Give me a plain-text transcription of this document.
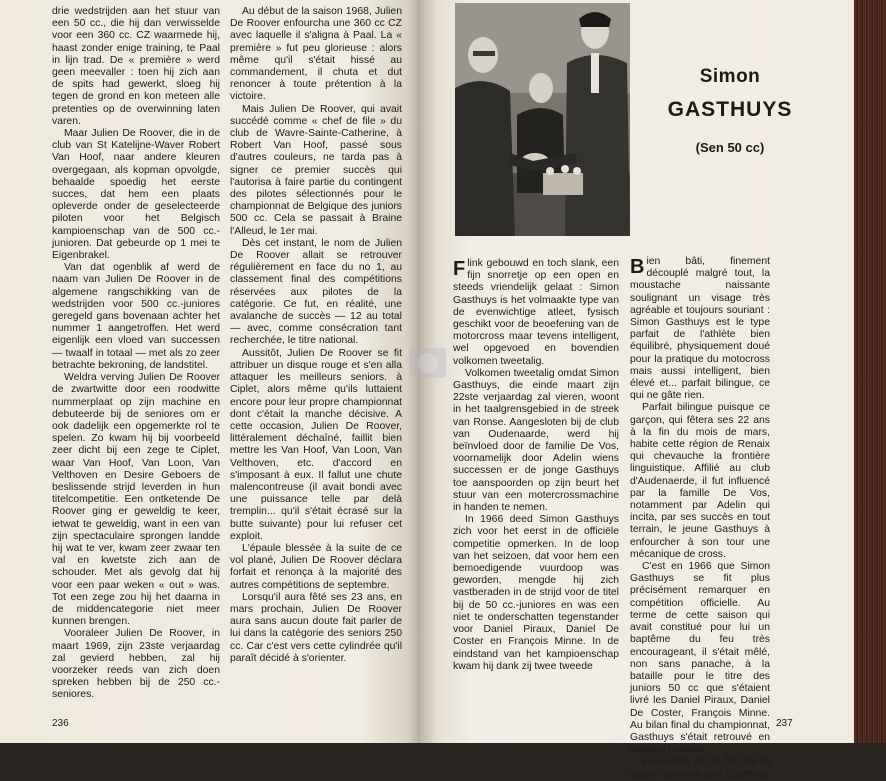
drie wedstrijden aan het stuur van een 50 cc., die hij dan verwisselde voor een 360 cc. CZ waarmede hij, haast zonder enige training, te Paal in lijn trad. De « première » werd geen meevaller : toen hij zich aan de spits had gewerkt, sloeg hij tegen de grond en kon meteen alle pretenties op de overwinning laten varen.

Maar Julien De Roover, die in de club van St Katelijne-Waver Robert Van Hoof, naar andere kleuren overgegaan, als kopman opvolgde, behaalde spoedig het eerste succes, dat hem een plaats opleverde onder de geselecteerde piloten voor het Belgisch kampioenschap van de 500 cc.-junioren. Dat gebeurde op 1 mei te Eigenbrakel.

Van dat ogenblik af werd de naam van Julien De Roover in de algemene rangschikking van de wedstrijden voor 500 cc.-juniores geregeld gans bovenaan achter het nummer 1 aangetroffen. Het werd eigenlijk een vloed van successen — twaalf in totaal — met als zo zeer betrachte bekroning, de landstitel.

Weldra verving Julien De Roover de zwartwitte door een roodwitte nummerplaat op zijn machine en debuteerde bij de seniores om er ook dadelijk een opgemerkte rol te spelen. Zo kwam hij bij voorbeeld zeer dicht bij een zege te Ciplet, waar Van Hoof, Van Loon, Van Velthoven en Desire Geboers de beslissende strijd leverden in hun titelcompetitie. Een ontketende De Roover ging er geweldig te keer, ietwat te geweldig, want in een van zijn spectaculaire sprongen landde hij wat te ver, kwam zeer zwaar ten val en kwetste zich aan de schouder. Met als gevolg dat hij voor een paar weken « out » was. Tot een zege zou hij het daarna in de middencategorie niet meer kunnen brengen.

Vooraleer Julien De Roover, in maart 1969, zijn 23ste verjaardag zal gevierd hebben, zal hij voorzeker reeds van zich doen spreken hebben bij de 250 cc.-seniores.

Au début de la saison 1968, Julien De Roover enfourcha une 360 cc CZ avec laquelle il s'aligna à Paal. La « première » fut peu glorieuse : alors même qu'il s'était hissé au commandement, il chuta et dut renoncer à toute prétention à la victoire.

Mais Julien De Roover, qui avait succédé comme « chef de file » du club de Wavre-Sainte-Catherine, à Robert Van Hoof, passé sous d'autres couleurs, ne tarda pas à signer ce premier succès qui l'autorisa à faire partie du contingent des pilotes sélectionnés pour le championnat de Belgique des juniors 500 cc. Cela se passait à Braine l'Alleud, le 1er mai.

Dès cet instant, le nom de Julien De Roover allait se retrouver régulièrement en face du no 1, au classement final des compétitions réservées aux pilotes de la catégorie. Ce fut, en réalité, une avalanche de succès — 12 au total — avec, comme consécration tant recherchée, le titre national.

Aussitôt, Julien De Roover se fit attribuer un disque rouge et s'en alla attaquer les meilleurs seniors. à Ciplet, alors même qu'ils luttaient encore pour leur propre championnat dont c'était la manche décisive. A cette occasion, Julien De Roover, littéralement déchaîné, faillit bien mettre les Van Hoof, Van Loon, Van Velthoven, etc. d'accord en s'imposant à eux. Il fallut une chute malencontreuse (il avait bondi avec une puissance telle par delà tremplin... qu'il s'était écrasé sur la butte suivante) pour lui refuser cet exploit.

L'épaule blessée à la suite de ce vol plané, Julien De Roover déclara forfait et renonça à la majorité des autres compétitions de septembre.

Lorsqu'il aura fêté ses 23 ans, en mars prochain, Julien De Roover aura sans aucun doute fait parler de lui dans la catégorie des seniors 250 cc. Car c'est vers cette cylindrée qu'il paraît décidé à s'orienter.

236
Simon
GASTHUYS
(Sen 50 cc)

Flink gebouwd en toch slank, een fijn snorretje op een open en steeds vriendelijk gelaat : Simon Gasthuys is het volmaakte type van de evenwichtige atleet, fysisch geschikt voor de beoefening van de motorcross maar tevens intelligent, wel opgevoed en bovendien volkomen tweetalig.

Volkomen tweetalig omdat Simon Gasthuys, die einde maart zijn 22ste verjaardag zal vieren, woont in het taalgrensgebied in de streek van Ronse. Aangesloten bij de club van Oudenaarde, werd hij beïnvloed door de familie De Vos, voornamelijk door Adelin wiens successen er de jonge Gasthuys toe aanspoorden op zijn beurt het stuur van een motercrossmachine in handen te nemen.

In 1966 deed Simon Gasthuys zich voor het eerst in de officiële competitie opmerken. In de loop van het seizoen, dat voor hem een bemoedigende vuurdoop was geworden, mengde hij zich vastberaden in de strijd voor de titel bij de 50 cc.-juniores en was een niet te onderschatten tegenstander voor Daniel Piraux, Daniel De Coster en François Minne. In de eindstand van het kampioenschap kwam hij dank zij twee tweede

Bien bâti, finement découplé malgré tout, la moustache naissante soulignant un visage très agréable et toujours souriant : Simon Gasthuys est le type parfait de l'athlète bien équilibré, physiquement doué pour la pratique du motocross mais aussi intelligent, bien élevé et... parfait bilingue, ce qui ne gâte rien.

Parfait bilingue puisque ce garçon, qui fêtera ses 22 ans à la fin du mois de mars, habite cette région de Renaix qui chevauche la frontière linguistique. Affilié au club d'Audenaerde, il fut influencé par la famille De Vos, notamment par Adelin qui incita, par ses succès en tout terrain, le jeune Gasthuys à enfourcher à son tour une mécanique de cross.

C'est en 1966 que Simon Gasthuys se fit plus précisément remarquer en compétition officielle. Au terme de cette saison qui avait constitué pour lui un baptême du feu très encourageant, il s'était mêlé, non sans panache, à la bataille pour le titre des juniors 50 cc que s'étaient livré les Daniel Piraux, Daniel De Coster, François Minne. Au bilan final du championnat, Gasthuys s'était retrouvé en sixième position.

En réalité, ce ne fut que la saison suivante que Gasthuys

237
